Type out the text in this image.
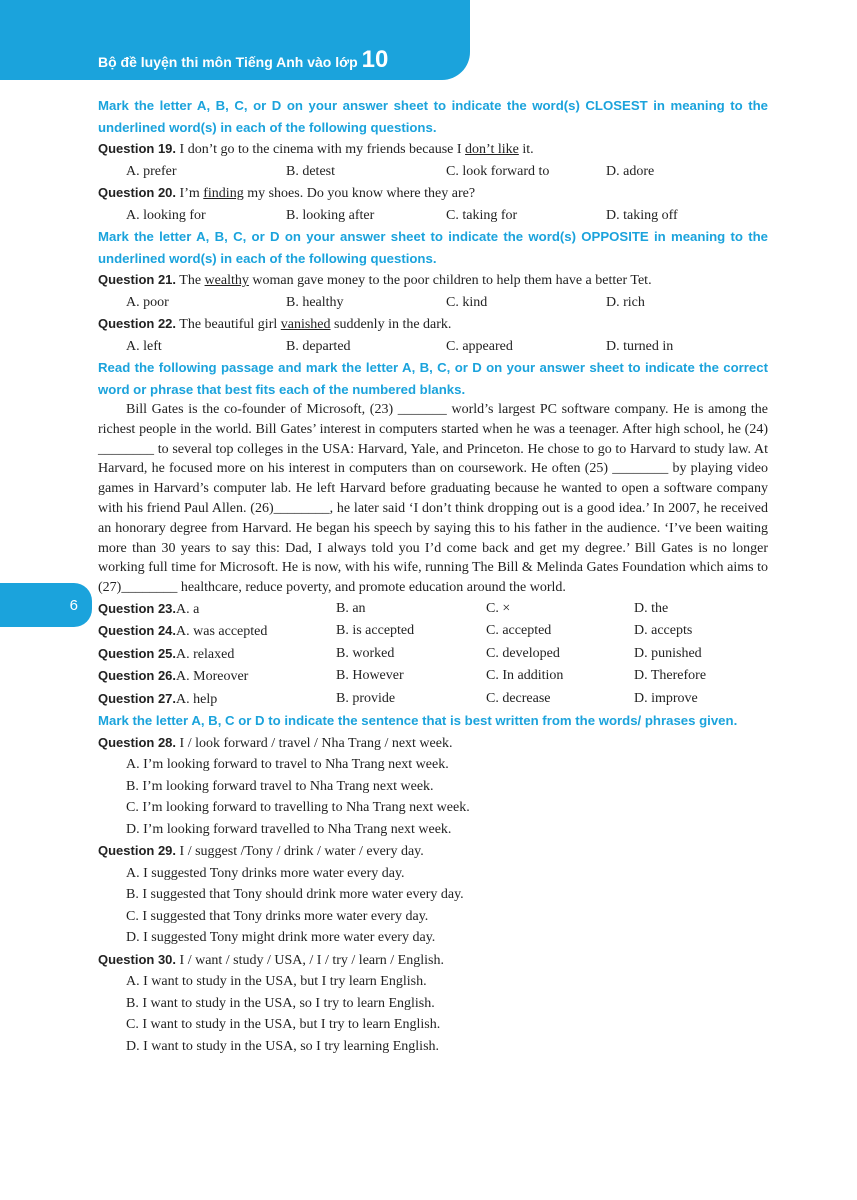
Bộ đề luyện thi môn Tiếng Anh vào lớp 10
6

Mark the letter A, B, C, or D on your answer sheet to indicate the word(s) CLOSEST in meaning to the underlined word(s) in each of the following questions.

Question 19. I don’t go to the cinema with my friends because I don’t like it.

A. prefer	B. detest	C. look forward to	D. adore

Question 20. I’m finding my shoes. Do you know where they are?

A. looking for	B. looking after	C. taking for	D. taking off

Mark the letter A, B, C, or D on your answer sheet to indicate the word(s) OPPOSITE in meaning to the underlined word(s) in each of the following questions.

Question 21. The wealthy woman gave money to the poor children to help them have a better Tet.

A. poor	B. healthy	C. kind	D. rich

Question 22. The beautiful girl vanished suddenly in the dark.

A. left	B. departed	C. appeared	D. turned in

Read the following passage and mark the letter A, B, C, or D on your answer sheet to indicate the correct word or phrase that best fits each of the numbered blanks.

Bill Gates is the co-founder of Microsoft, (23) _______ world’s largest PC software company. He is among the richest people in the world. Bill Gates’ interest in computers started when he was a teenager. After high school, he (24) ________ to several top colleges in the USA: Harvard, Yale, and Princeton. He chose to go to Harvard to study law. At Harvard, he focused more on his interest in computers than on coursework. He often (25) ________ by playing video games in Harvard’s computer lab. He left Harvard before graduating because he wanted to open a software company with his friend Paul Allen. (26)________, he later said ‘I don’t think dropping out is a good idea.’ In 2007, he received an honorary degree from Harvard. He began his speech by saying this to his father in the audience. ‘I’ve been waiting more than 30 years to say this: Dad, I always told you I’d come back and get my degree.’ Bill Gates is no longer working full time for Microsoft. He is now, with his wife, running The Bill & Melinda Gates Foundation which aims to (27)________ healthcare, reduce poverty, and promote education around the world.

Question 23.A. a	B. an	C. ×	D. the
Question 24.A. was accepted	B. is accepted	C. accepted	D. accepts
Question 25.A. relaxed	B. worked	C. developed	D. punished
Question 26.A. Moreover	B. However	C. In addition	D. Therefore
Question 27.A. help	B. provide	C. decrease	D. improve

Mark the letter A, B, C or D to indicate the sentence that is best written from the words/ phrases given.

Question 28. I / look forward / travel / Nha Trang / next week.

A. I’m looking forward to travel to Nha Trang next week.

B. I’m looking forward travel to Nha Trang next week.

C. I’m looking forward to travelling to Nha Trang next week.

D. I’m looking forward travelled to Nha Trang next week.

Question 29. I / suggest /Tony / drink / water / every day.

A. I suggested Tony drinks more water every day.

B. I suggested that Tony should drink more water every day.

C. I suggested that Tony drinks more water every day.

D. I suggested Tony might drink more water every day.

Question 30. I / want / study / USA, / I / try / learn / English.

A. I want to study in the USA, but I try learn English.

B. I want to study in the USA, so I try to learn English.

C. I want to study in the USA, but I try to learn English.

D. I want to study in the USA, so I try learning English.
